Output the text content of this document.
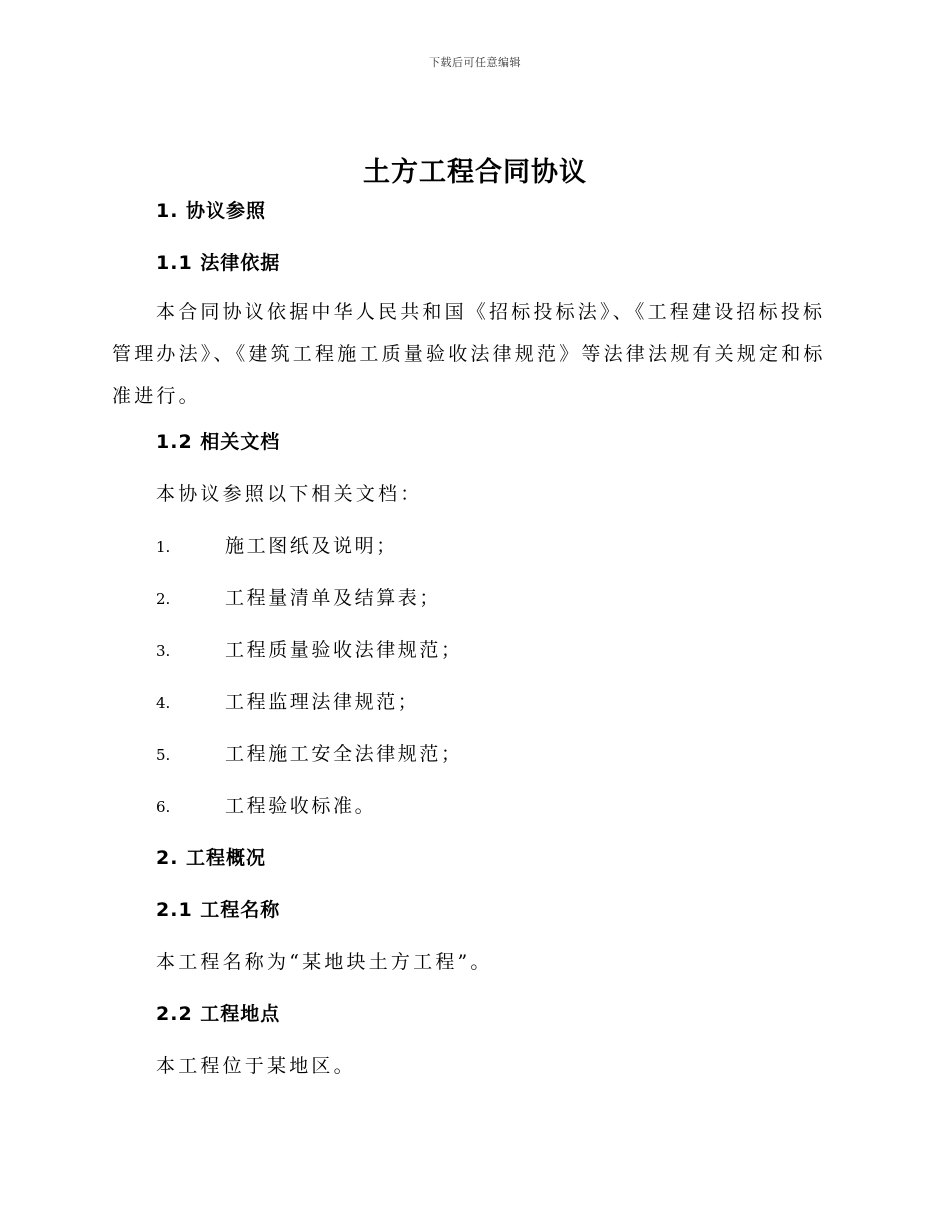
下载后可任意编辑
土方工程合同协议
1. 协议参照
1.1 法律依据
本合同协议依据中华人民共和国《招标投标法》、《工程建设招标投标管理办法》、《建筑工程施工质量验收法律规范》等法律法规有关规定和标准进行。
1.2 相关文档
本协议参照以下相关文档：
1.	施工图纸及说明；
2.	工程量清单及结算表；
3.	工程质量验收法律规范；
4.	工程监理法律规范；
5.	工程施工安全法律规范；
6.	工程验收标准。
2. 工程概况
2.1 工程名称
本工程名称为“某地块土方工程”。
2.2 工程地点
本工程位于某地区。
